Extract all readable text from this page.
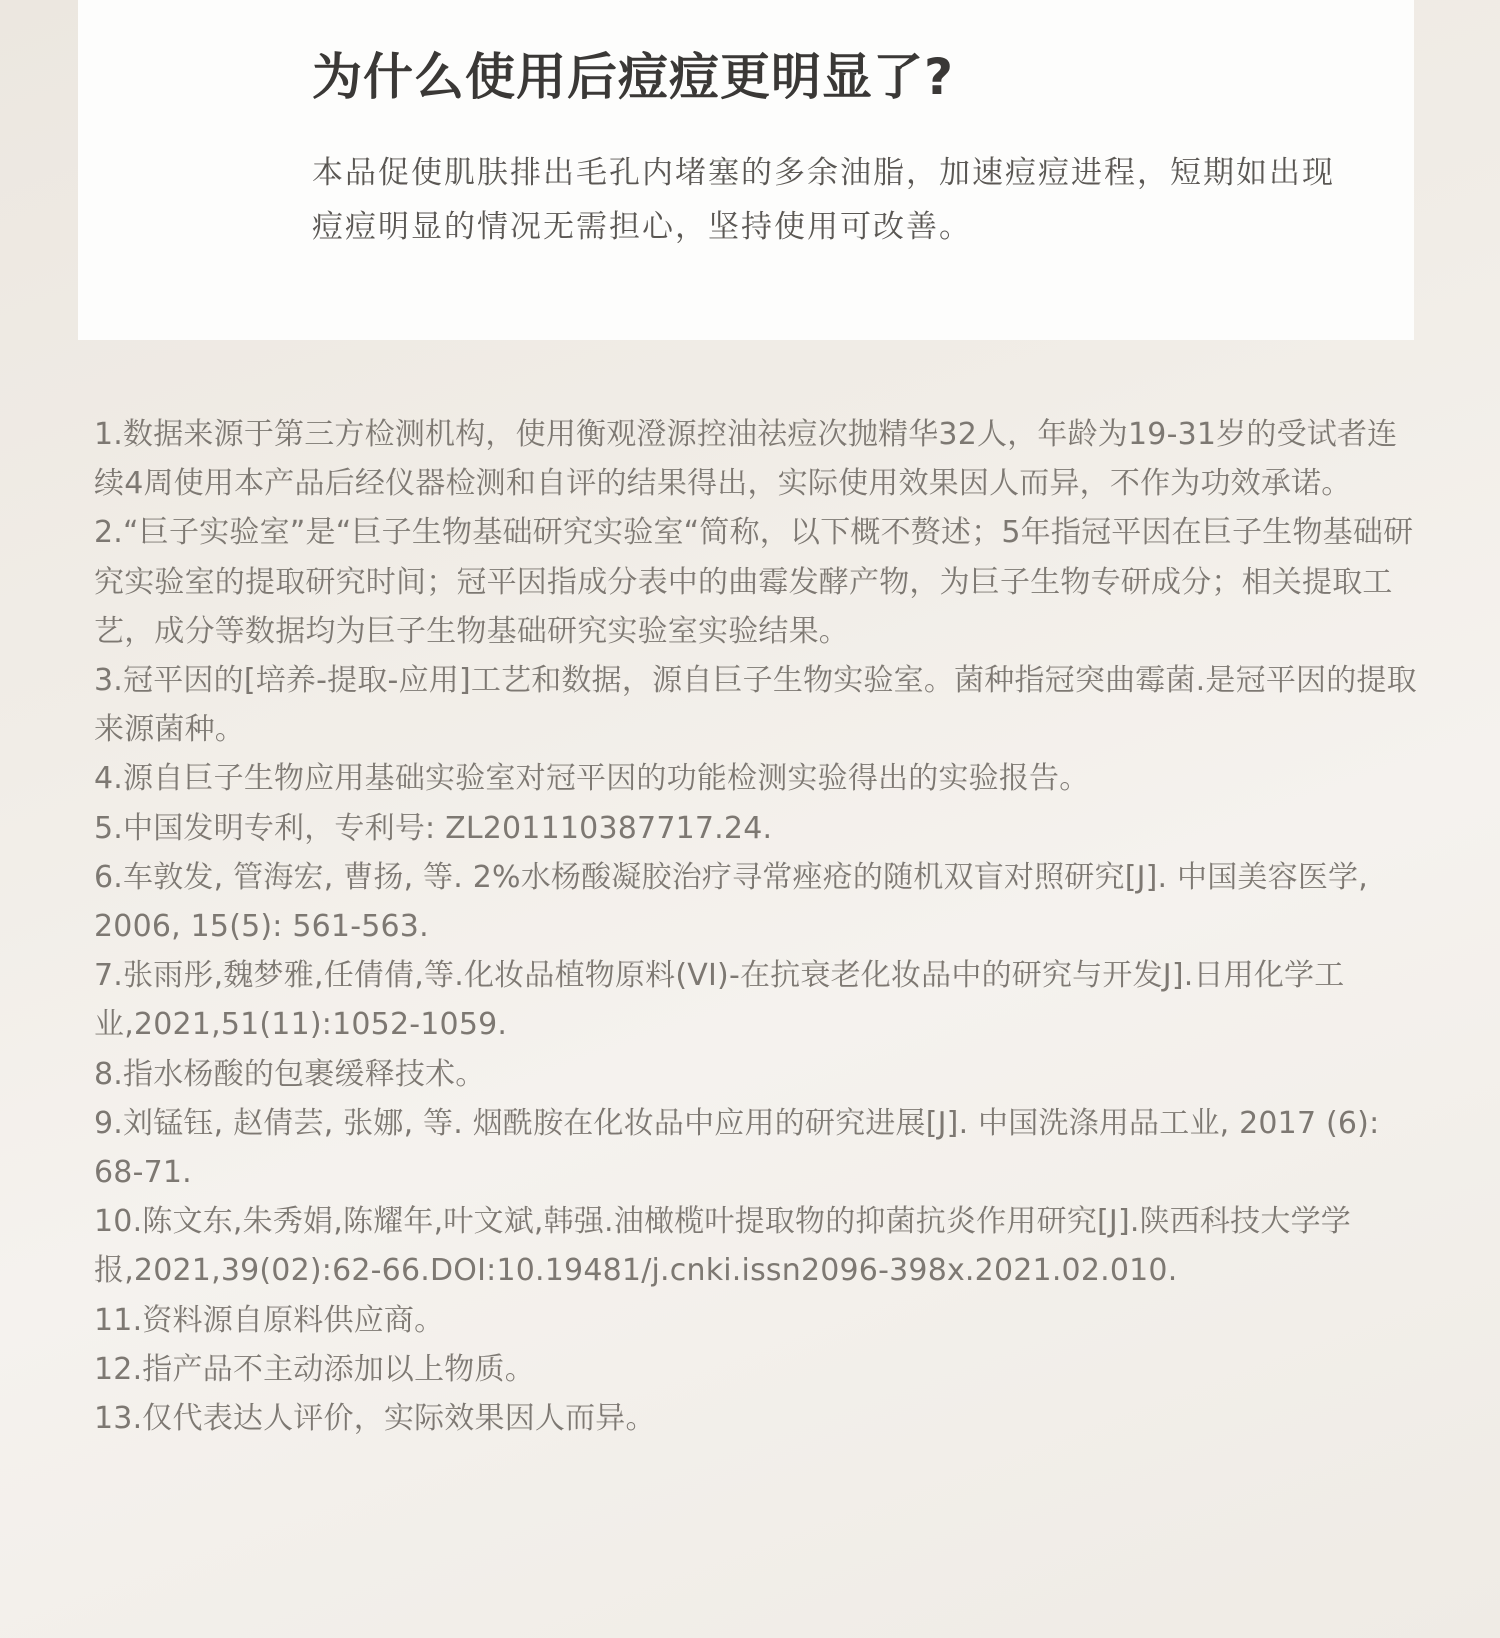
为什么使用后痘痘更明显了?

本品促使肌肤排出毛孔内堵塞的多余油脂，加速痘痘进程，短期如出现痘痘明显的情况无需担心，坚持使用可改善。

1.数据来源于第三方检测机构，使用衡观澄源控油祛痘次抛精华32人，年龄为19-31岁的受试者连续4周使用本产品后经仪器检测和自评的结果得出，实际使用效果因人而异，不作为功效承诺。
2.“巨子实验室”是“巨子生物基础研究实验室“简称，以下概不赘述；5年指冠平因在巨子生物基础研究实验室的提取研究时间；冠平因指成分表中的曲霉发酵产物，为巨子生物专研成分；相关提取工艺，成分等数据均为巨子生物基础研究实验室实验结果。
3.冠平因的[培养-提取-应用]工艺和数据，源自巨子生物实验室。菌种指冠突曲霉菌.是冠平因的提取来源菌种。
4.源自巨子生物应用基础实验室对冠平因的功能检测实验得出的实验报告。
5.中国发明专利，专利号: ZL201110387717.24.
6.车敦发, 管海宏, 曹扬, 等. 2%水杨酸凝胶治疗寻常痤疮的随机双盲对照研究[J]. 中国美容医学, 2006, 15(5): 561-563.
7.张雨彤,魏梦雅,任倩倩,等.化妆品植物原料(VI)-在抗衰老化妆品中的研究与开发J].日用化学工业,2021,51(11):1052-1059.
8.指水杨酸的包裹缓释技术。
9.刘锰钰, 赵倩芸, 张娜, 等. 烟酰胺在化妆品中应用的研究进展[J]. 中国洗涤用品工业, 2017 (6): 68-71.
10.陈文东,朱秀娟,陈耀年,叶文斌,韩强.油橄榄叶提取物的抑菌抗炎作用研究[J].陕西科技大学学报,2021,39(02):62-66.DOI:10.19481/j.cnki.issn2096-398x.2021.02.010.
11.资料源自原料供应商。
12.指产品不主动添加以上物质。
13.仅代表达人评价，实际效果因人而异。
